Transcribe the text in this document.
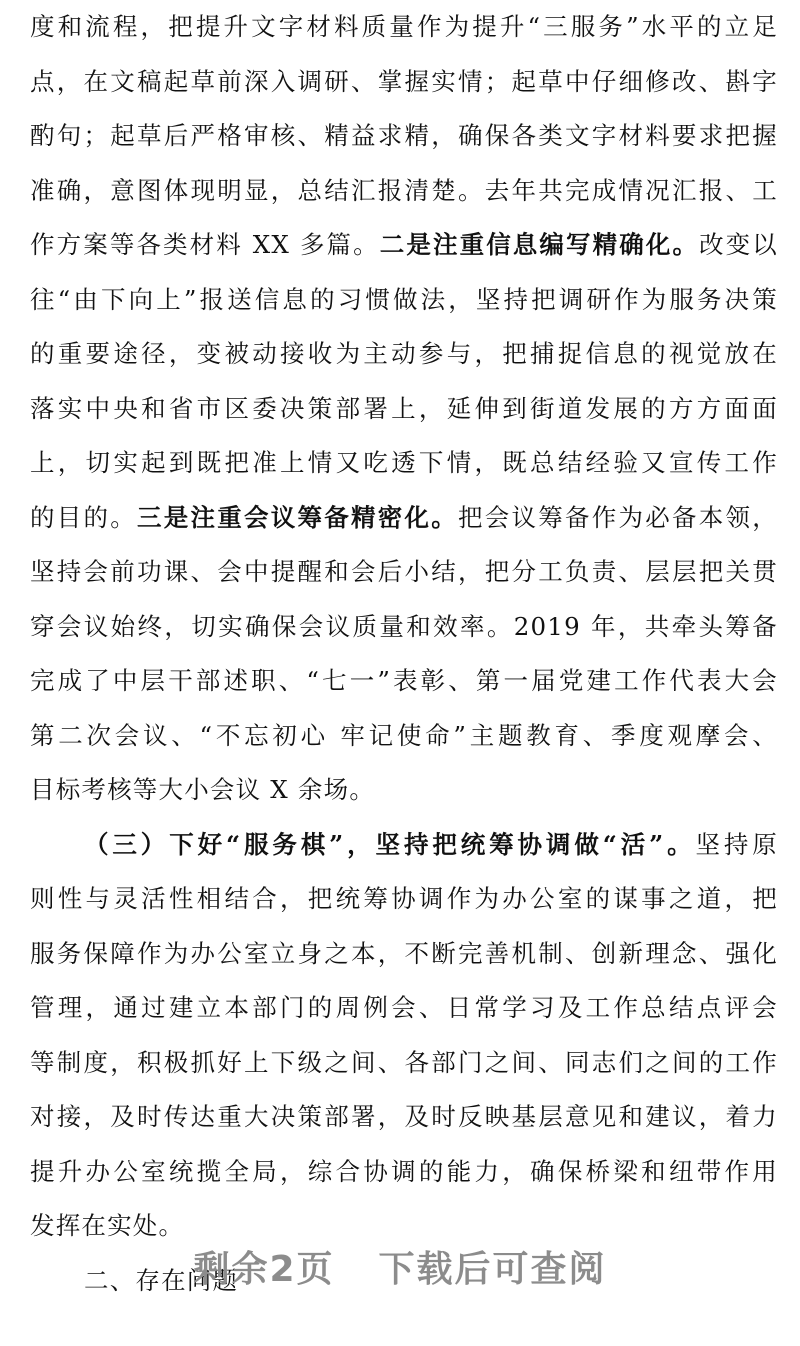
度和流程，把提升文字材料质量作为提升“三服务”水平的立足
点，在文稿起草前深入调研、掌握实情；起草中仔细修改、斟字
酌句；起草后严格审核、精益求精，确保各类文字材料要求把握
准确，意图体现明显，总结汇报清楚。去年共完成情况汇报、工
作方案等各类材料 XX 多篇。二是注重信息编写精确化。改变以
往“由下向上”报送信息的习惯做法，坚持把调研作为服务决策
的重要途径，变被动接收为主动参与，把捕捉信息的视觉放在
落实中央和省市区委决策部署上，延伸到街道发展的方方面面
上，切实起到既把准上情又吃透下情，既总结经验又宣传工作
的目的。三是注重会议筹备精密化。把会议筹备作为必备本领，
坚持会前功课、会中提醒和会后小结，把分工负责、层层把关贯
穿会议始终，切实确保会议质量和效率。2019 年，共牵头筹备
完成了中层干部述职、“七一”表彰、第一届党建工作代表大会
第二次会议、“不忘初心 牢记使命”主题教育、季度观摩会、
目标考核等大小会议 X 余场。
（三）下好“服务棋”，坚持把统筹协调做“活”。坚持原
则性与灵活性相结合，把统筹协调作为办公室的谋事之道，把
服务保障作为办公室立身之本，不断完善机制、创新理念、强化
管理，通过建立本部门的周例会、日常学习及工作总结点评会
等制度，积极抓好上下级之间、各部门之间、同志们之间的工作
对接，及时传达重大决策部署，及时反映基层意见和建议，着力
提升办公室统揽全局，综合协调的能力，确保桥梁和纽带作用
发挥在实处。
二、存在问题
剩余2页 下载后可查阅
